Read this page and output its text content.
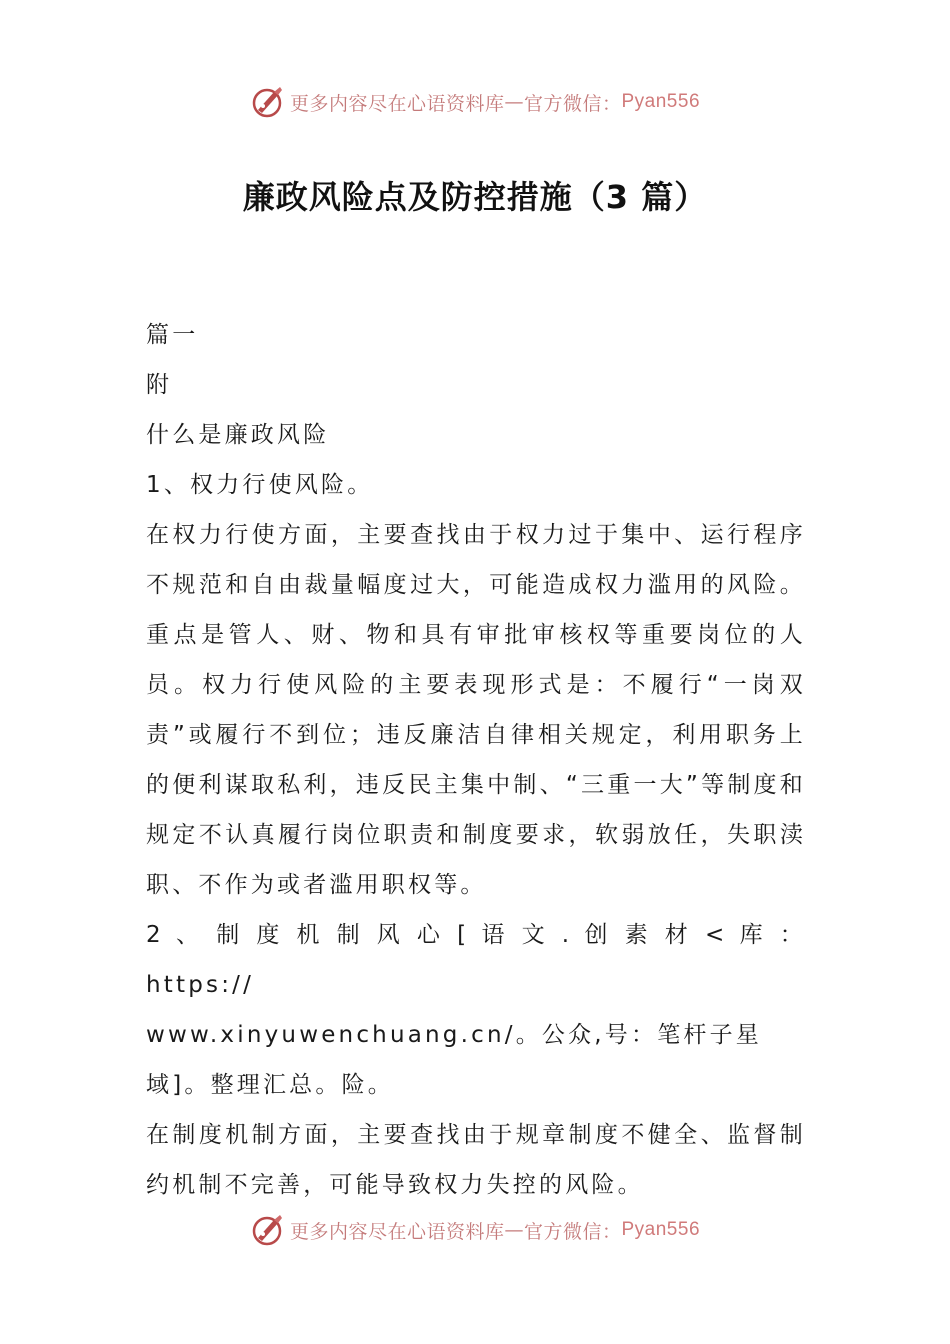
更多内容尽在心语资料库 — 官方微信： Pyan556
廉政风险点及防控措施（3 篇）

篇一

附

什么是廉政风险

1、权力行使风险。

在权力行使方面，主要查找由于权力过于集中、运行程序不规范和自由裁量幅度过大，可能造成权力滥用的风险。重点是管人、财、物和具有审批审核权等重要岗位的人员。权力行使风险的主要表现形式是：不履行“一岗双责”或履行不到位；违反廉洁自律相关规定，利用职务上的便利谋取私利，违反民主集中制、“三重一大”等制度和规定不认真履行岗位职责和制度要求，软弱放任，失职渎职、不作为或者滥用职权等。

2 、 制 度 机 制 风 心 [ 语 文 . 创 素 材 < 库 ： https://

www.xinyuwenchuang.cn/。公众,号：笔杆子星域]。整理汇总。险。

在制度机制方面，主要查找由于规章制度不健全、监督制约机制不完善，可能导致权力失控的风险。

更多内容尽在心语资料库 — 官方微信： Pyan556
